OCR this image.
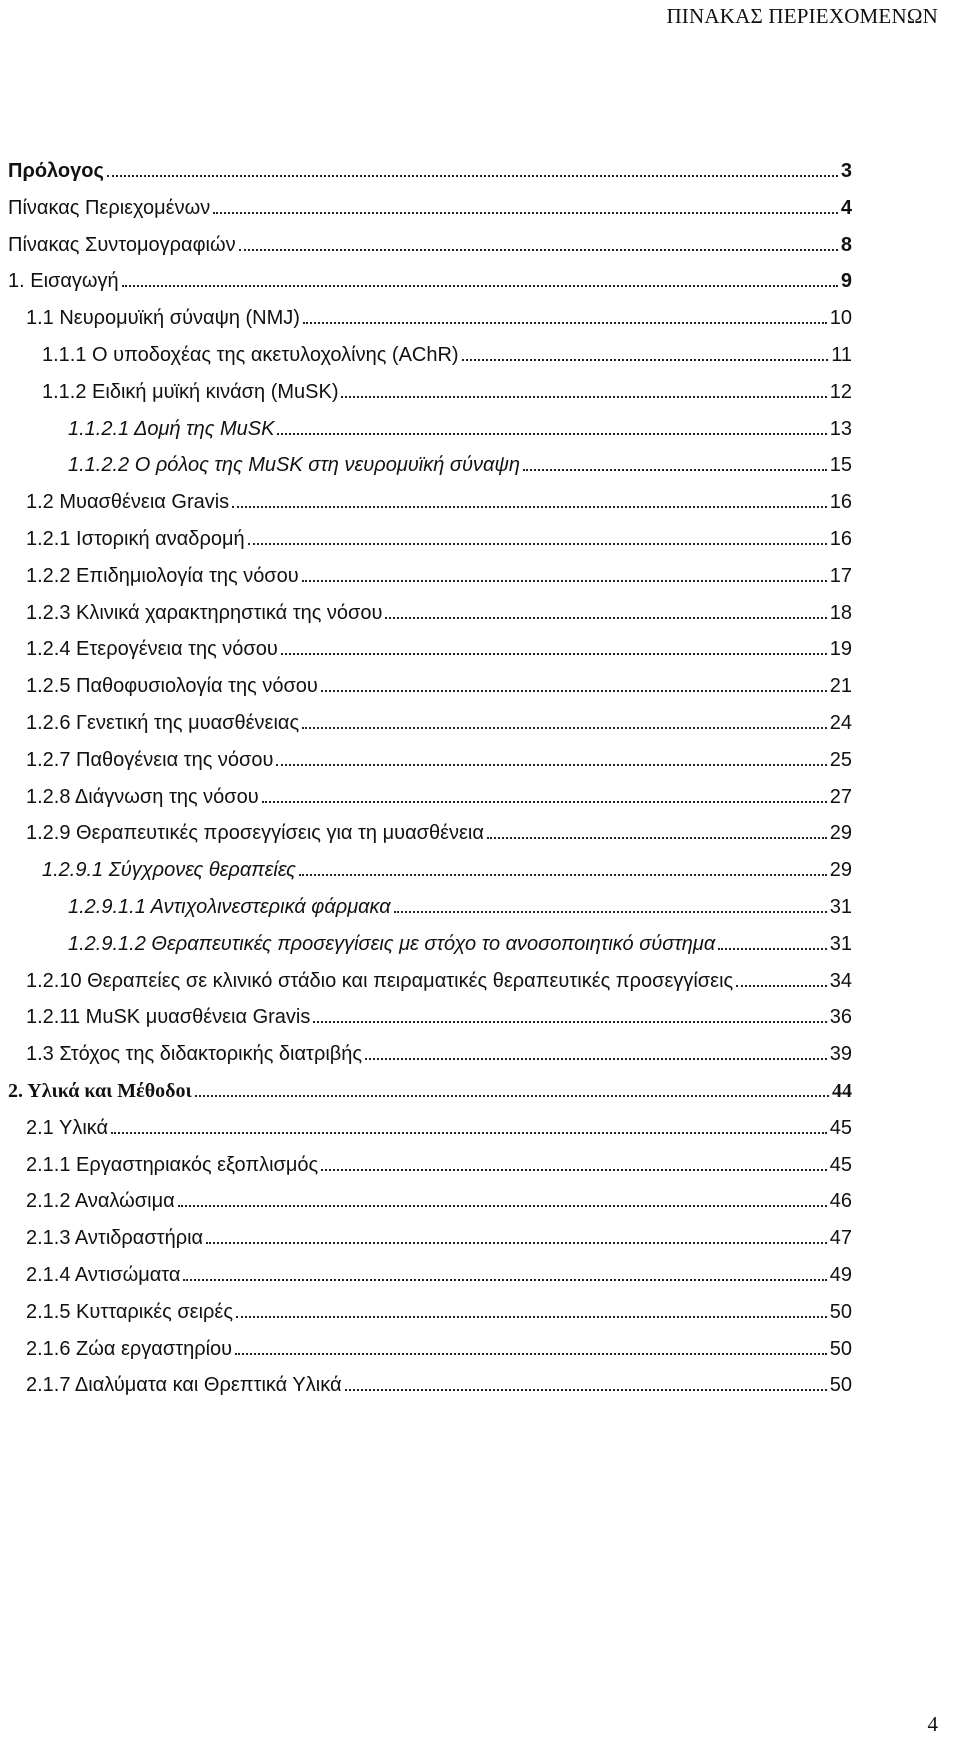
ΠΙΝΑΚΑΣ ΠΕΡΙΕΧΟΜΕΝΩΝ
Πρόλογος	3
Πίνακας Περιεχομένων	4
Πίνακας Συντομογραφιών	8
1. Εισαγωγή	9
1.1 Νευρομυϊκή σύναψη (NMJ)	10
1.1.1 Ο υποδοχέας της ακετυλοχολίνης (AChR)	11
1.1.2 Ειδική μυϊκή κινάση (MuSK)	12
1.1.2.1 Δομή της MuSK	13
1.1.2.2 Ο ρόλος της MuSK στη νευρομυϊκή σύναψη	15
1.2 Μυασθένεια Gravis	16
1.2.1 Ιστορική αναδρομή	16
1.2.2 Επιδημιολογία της νόσου	17
1.2.3 Κλινικά χαρακτηρηστικά της νόσου	18
1.2.4 Ετερογένεια της νόσου	19
1.2.5 Παθοφυσιολογία της νόσου	21
1.2.6 Γενετική της μυασθένειας	24
1.2.7 Παθογένεια της νόσου	25
1.2.8 Διάγνωση της νόσου	27
1.2.9 Θεραπευτικές προσεγγίσεις για τη μυασθένεια	29
1.2.9.1 Σύγχρονες θεραπείες	29
1.2.9.1.1 Αντιχολινεστερικά φάρμακα	31
1.2.9.1.2 Θεραπευτικές προσεγγίσεις με στόχο το ανοσοποιητικό σύστημα	31
1.2.10 Θεραπείες σε κλινικό στάδιο και πειραματικές θεραπευτικές προσεγγίσεις	34
1.2.11 MuSK μυασθένεια Gravis	36
1.3 Στόχος της διδακτορικής διατριβής	39
2. Υλικά και Μέθοδοι	44
2.1 Υλικά	45
2.1.1 Εργαστηριακός εξοπλισμός	45
2.1.2 Αναλώσιμα	46
2.1.3 Αντιδραστήρια	47
2.1.4 Αντισώματα	49
2.1.5 Κυτταρικές σειρές	50
2.1.6 Ζώα εργαστηρίου	50
2.1.7 Διαλύματα και Θρεπτικά Υλικά	50
4
